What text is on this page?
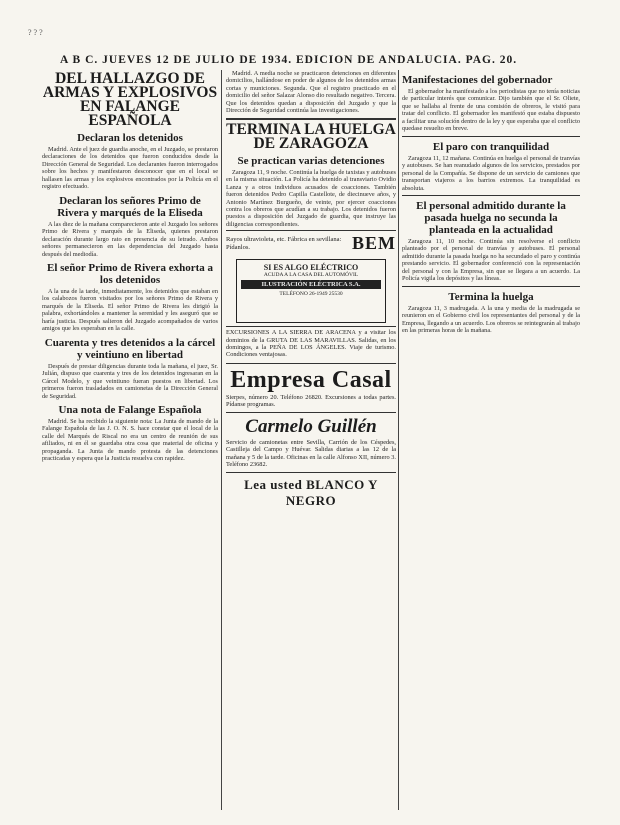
? ? ?
A B C. JUEVES 12 DE JULIO DE 1934. EDICION DE ANDALUCIA. PAG. 20.
DEL HALLAZGO DE ARMAS Y EXPLOSIVOS EN FALANGE ESPAÑOLA
Declaran los detenidos

Madrid. Ante el juez de guardia anoche, en el Juzgado, se prestaron declaraciones de los detenidos que fueron conducidos desde la Dirección General de Seguridad. Los declarantes fueron interrogados sobre los hechos y manifestaron desconocer que en el local se hallasen las armas y los explosivos encontrados por la Policía en el registro efectuado.

Declaran los señores Primo de Rivera y marqués de la Eliseda

A las diez de la mañana comparecieron ante el Juzgado los señores Primo de Rivera y marqués de la Eliseda, quienes prestaron declaración durante largo rato en presencia de su letrado. Ambos señores permanecieron en las dependencias del Juzgado hasta después del mediodía.

El señor Primo de Rivera exhorta a los detenidos

A la una de la tarde, inmediatamente, los detenidos que estaban en los calabozos fueron visitados por los señores Primo de Rivera y marqués de la Eliseda. El señor Primo de Rivera les dirigió la palabra, exhortándoles a mantener la serenidad y les aseguró que se haría justicia. Después salieron del Juzgado acompañados de varios amigos que les esperaban en la calle.

Cuarenta y tres detenidos a la cárcel y veintiuno en libertad

Después de prestar diligencias durante toda la mañana, el juez, Sr. Julián, dispuso que cuarenta y tres de los detenidos ingresaran en la Cárcel Modelo, y que veintiuno fueran puestos en libertad. Los primeros fueron trasladados en camionetas de la Dirección General de Seguridad.

Una nota de Falange Española

Madrid. Se ha recibido la siguiente nota: La Junta de mando de la Falange Española de las J. O. N. S. hace constar que el local de la calle del Marqués de Riscal no era un centro de reunión de sus afiliados, ni en él se guardaba otra cosa que material de oficina y propaganda. La Junta de mando protesta de las detenciones practicadas y espera que la Justicia resuelva con rapidez.

Madrid. A media noche se practicaron detenciones en diferentes domicilios, hallándose en poder de algunos de los detenidos armas cortas y municiones. Segunda. Que el registro practicado en el domicilio del señor Salazar Alonso dio resultado negativo. Tercera. Que los detenidos quedan a disposición del Juzgado y que la Dirección de Seguridad continúa las investigaciones.

TERMINA LA HUELGA DE ZARAGOZA
Se practican varias detenciones

Zaragoza 11, 9 noche. Continúa la huelga de taxistas y autobuses en la misma situación. La Policía ha detenido al transviario Ovidio Lanza y a otros individuos acusados de coacciones. También fueron detenidos Pedro Capilla Castellote, de diecinueve años, y Antonio Martínez Burgueño, de veinte, por ejercer coacciones contra los obreros que acudían a su trabajo. Los detenidos fueron puestos a disposición del Juzgado de guardia, que instruye las diligencias correspondientes.

Rayos ultravioleta, etc. Fábrica en sevillana: Pídanlos.	BEM
SI ES ALGO ELÉCTRICO
ACUDA A LA CASA DEL AUTOMÓVIL
ILUSTRACIÓN ELÉCTRICA S.A.
TELÉFONO 26-1949 25530
EXCURSIONES A LA SIERRA DE ARACENA y a visitar los dominios de la GRUTA DE LAS MARAVILLAS. Salidas, en los domingos, a la PEÑA DE LOS ÁNGELES. Viaje de turismo. Condiciones ventajosas.
Empresa Casal
Sierpes, número 20. Teléfono 26820. Excursiones a todas partes. Pídanse programas.
Carmelo Guillén
Servicio de camionetas entre Sevilla, Carrión de los Céspedes, Castilleja del Campo y Huévar. Salidas diarias a las 12 de la mañana y 5 de la tarde. Oficinas en la calle Alfonso XII, número 3. Teléfono 23682.
Lea usted BLANCO Y NEGRO
Manifestaciones del gobernador

El gobernador ha manifestado a los periodistas que no tenía noticias de particular interés que comunicar. Dijo también que el Sr. Oliete, que se hallaba al frente de una comisión de obreros, le visitó para tratar del conflicto. El gobernador les manifestó que estaba dispuesto a facilitar una solución dentro de la ley y que esperaba que el conflicto quedase resuelto en breve.

El paro con tranquilidad

Zaragoza 11, 12 mañana. Continúa en huelga el personal de tranvías y autobuses. Se han reanudado algunos de los servicios, prestados por personal de la Compañía. Se dispone de un servicio de camiones que transportan viajeros a los barrios extremos. La tranquilidad es absoluta.

El personal admitido durante la pasada huelga no secunda la planteada en la actualidad

Zaragoza 11, 10 noche. Continúa sin resolverse el conflicto planteado por el personal de tranvías y autobuses. El personal admitido durante la pasada huelga no ha secundado el paro y continúa prestando servicio. El gobernador conferenció con la representación del personal y con la Empresa, sin que se llegara a un acuerdo. La Policía vigila los depósitos y las líneas.

Termina la huelga

Zaragoza 11, 3 madrugada. A la una y media de la madrugada se reunieron en el Gobierno civil los representantes del personal y de la Empresa, llegando a un acuerdo. Los obreros se reintegrarán al trabajo en las primeras horas de la mañana.
